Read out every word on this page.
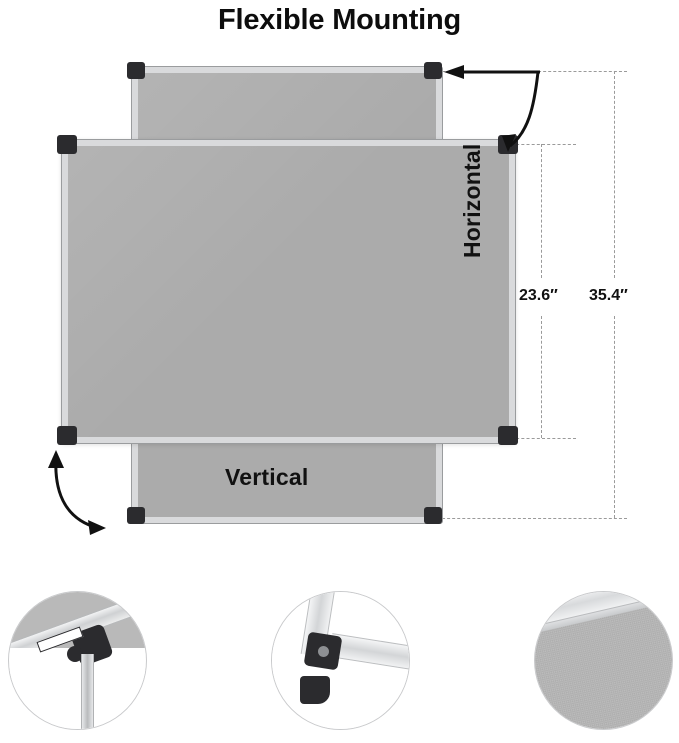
Flexible Mounting
23.6″ 35.4″
Horizontal
Vertical
